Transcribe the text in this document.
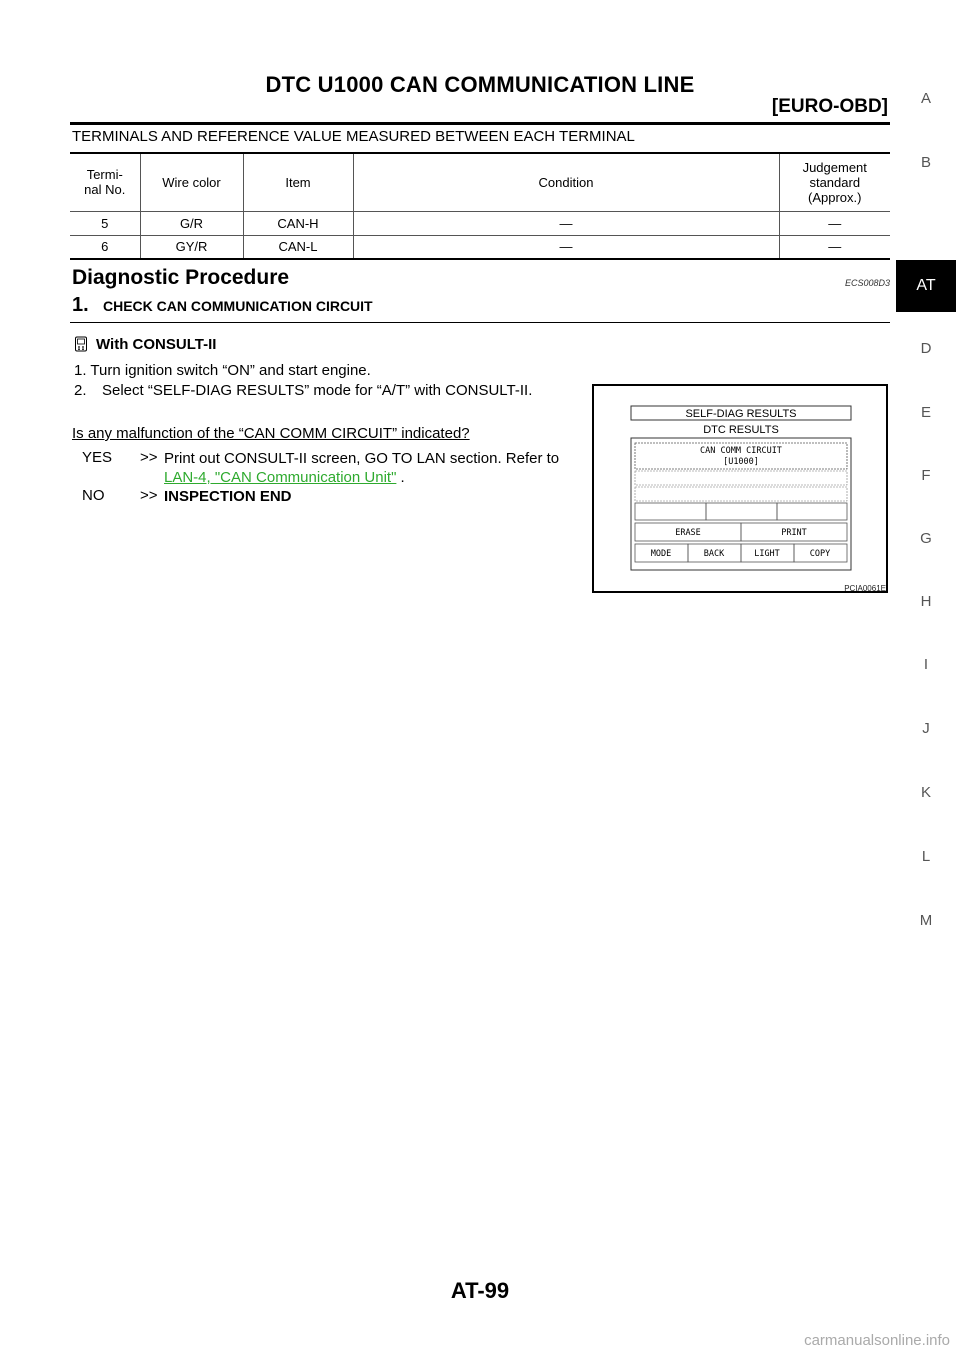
DTC U1000 CAN COMMUNICATION LINE
[EURO-OBD]	A
B
AT
D
E
F
G
H
I
J
K
L
M
TERMINALS AND REFERENCE VALUE MEASURED BETWEEN EACH TERMINAL
Termi-
nal No.	Wire color	Item	Condition	Judgement
standard
(Approx.)
5	G/R	CAN-H	—	—
6	GY/R	CAN-L	—	—
Diagnostic Procedure	ECS008D3
1. CHECK CAN COMMUNICATION CIRCUIT
With CONSULT-II
1. Turn ignition switch “ON” and start engine.
2. Select “SELF-DIAG RESULTS” mode for “A/T” with CONSULT-II.
Is any malfunction of the “CAN COMM CIRCUIT” indicated?
YES >> Print out CONSULT-II screen, GO TO LAN section. Refer to LAN-4, "CAN Communication Unit" .
NO >> INSPECTION END
SELF-DIAG RESULTS
DTC RESULTS
CAN COMM CIRCUIT
[U1000]
ERASE	PRINT
MODE	BACK	LIGHT	COPY
PCIA0061E
AT-99
carmanualsonline.info
